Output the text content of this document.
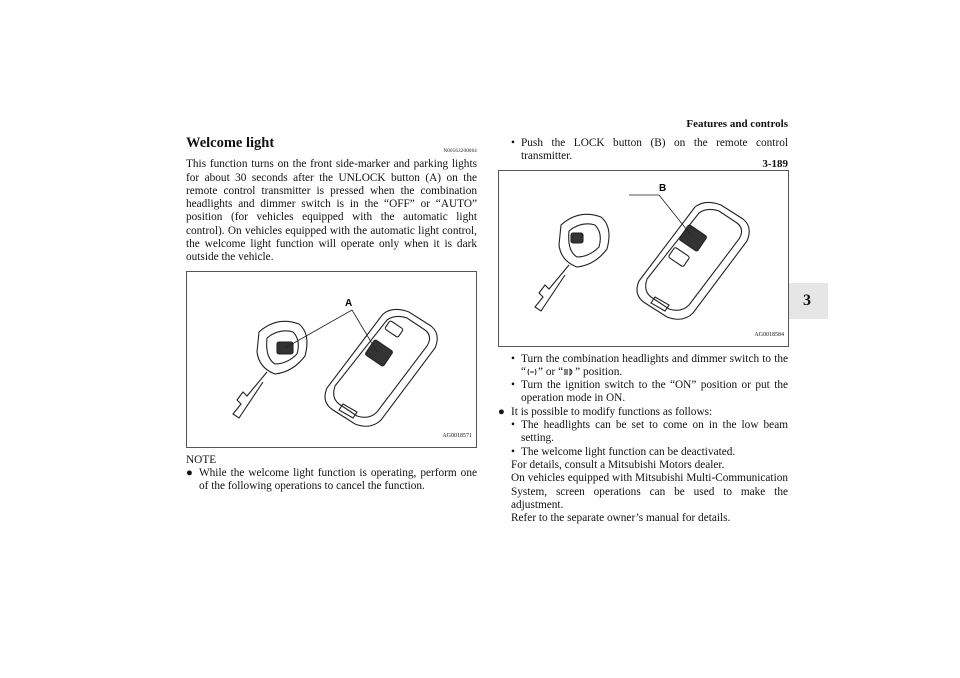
Features and controls
3-189
3
Welcome light
N00563200064

This function turns on the front side-marker and parking lights for about 30 seconds after the UNLOCK button (A) on the remote control transmitter is pressed when the combination headlights and dimmer switch is in the “OFF” or “AUTO” position (for vehicles equipped with the automatic light control). On vehicles equipped with the automatic light control, the welcome light function will operate only when it is dark outside the vehicle.

A
AG0018571
NOTE
● While the welcome light function is operating, perform one of the following operations to cancel the function.
• Push the LOCK button (B) on the remote control transmitter.
B
AG0018584
• Turn the combination headlights and dimmer switch to the “ ” or “ ” position.
• Turn the ignition switch to the “ON” position or put the operation mode in ON.
● It is possible to modify functions as follows:
• The headlights can be set to come on in the low beam setting.
• The welcome light function can be deactivated.

For details, consult a Mitsubishi Motors dealer.

On vehicles equipped with Mitsubishi Multi-Communication System, screen operations can be used to make the adjustment.

Refer to the separate owner’s manual for details.
